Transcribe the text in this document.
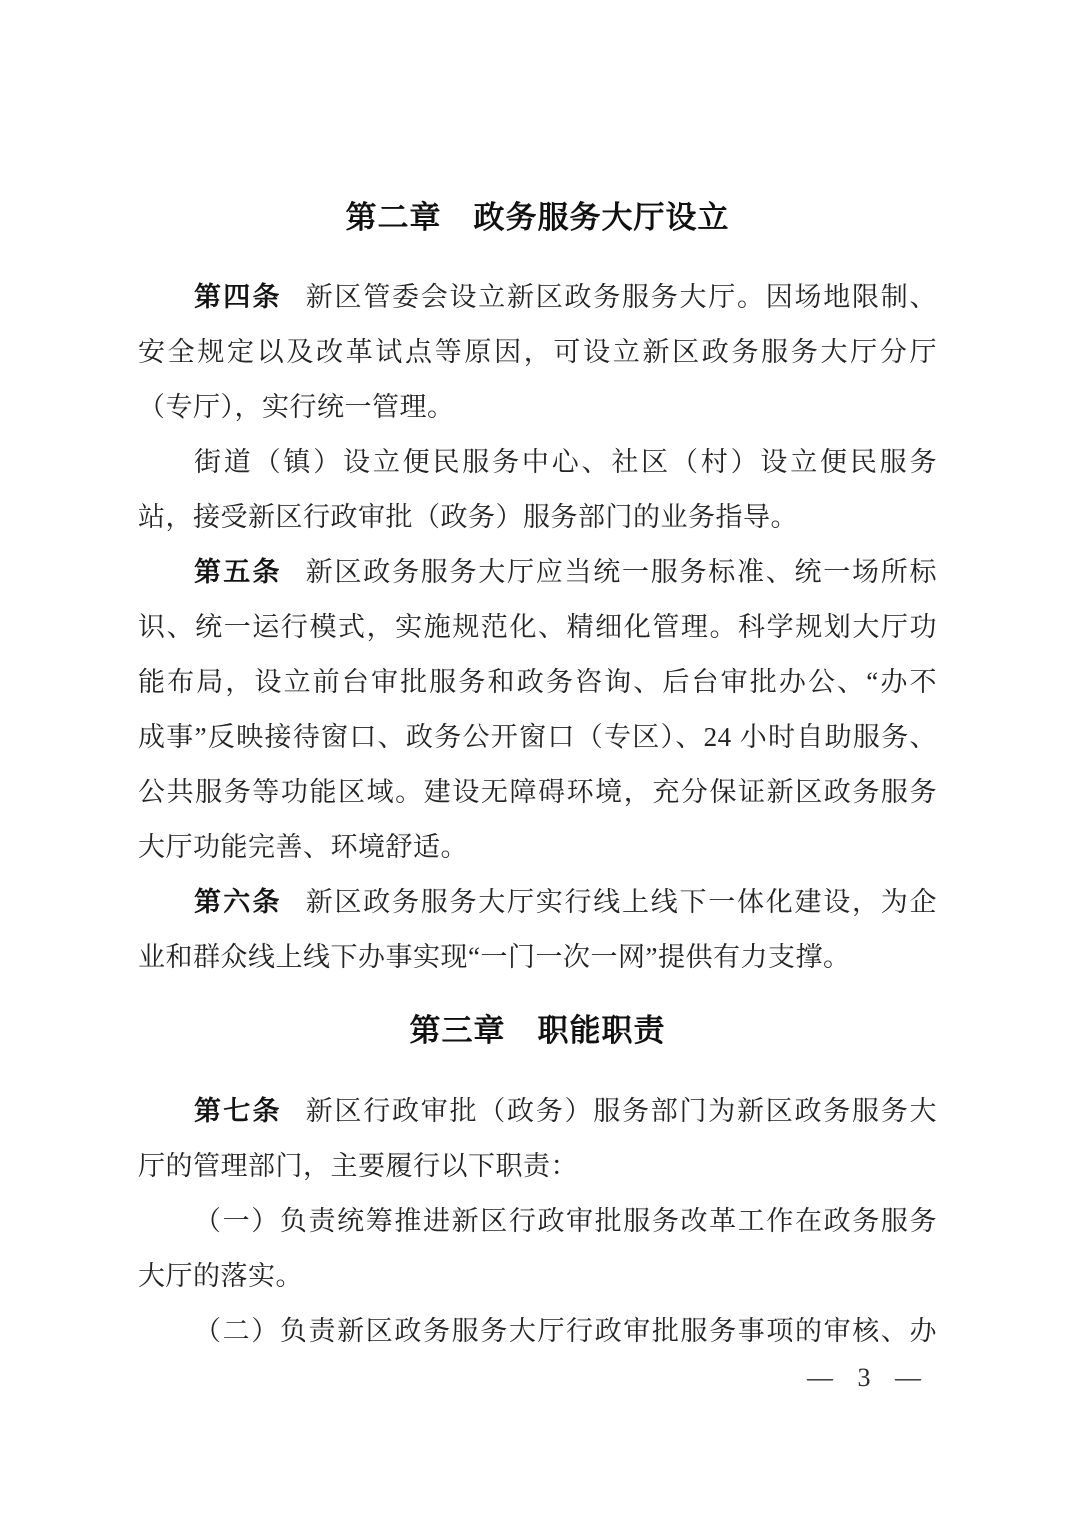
第二章　政务服务大厅设立
第四条 新区管委会设立新区政务服务大厅。因场地限制、
安全规定以及改革试点等原因，可设立新区政务服务大厅分厅
（专厅），实行统一管理。
街道（镇）设立便民服务中心、社区（村）设立便民服务
站，接受新区行政审批（政务）服务部门的业务指导。
第五条 新区政务服务大厅应当统一服务标准、统一场所标
识、统一运行模式，实施规范化、精细化管理。科学规划大厅功
能布局，设立前台审批服务和政务咨询、后台审批办公、“办不
成事”反映接待窗口、政务公开窗口（专区）、24 小时自助服务、
公共服务等功能区域。建设无障碍环境，充分保证新区政务服务
大厅功能完善、环境舒适。
第六条 新区政务服务大厅实行线上线下一体化建设，为企
业和群众线上线下办事实现“一门一次一网”提供有力支撑。
第三章　职能职责
第七条 新区行政审批（政务）服务部门为新区政务服务大
厅的管理部门，主要履行以下职责：
（一）负责统筹推进新区行政审批服务改革工作在政务服务
大厅的落实。
（二）负责新区政务服务大厅行政审批服务事项的审核、办
— 3 —
